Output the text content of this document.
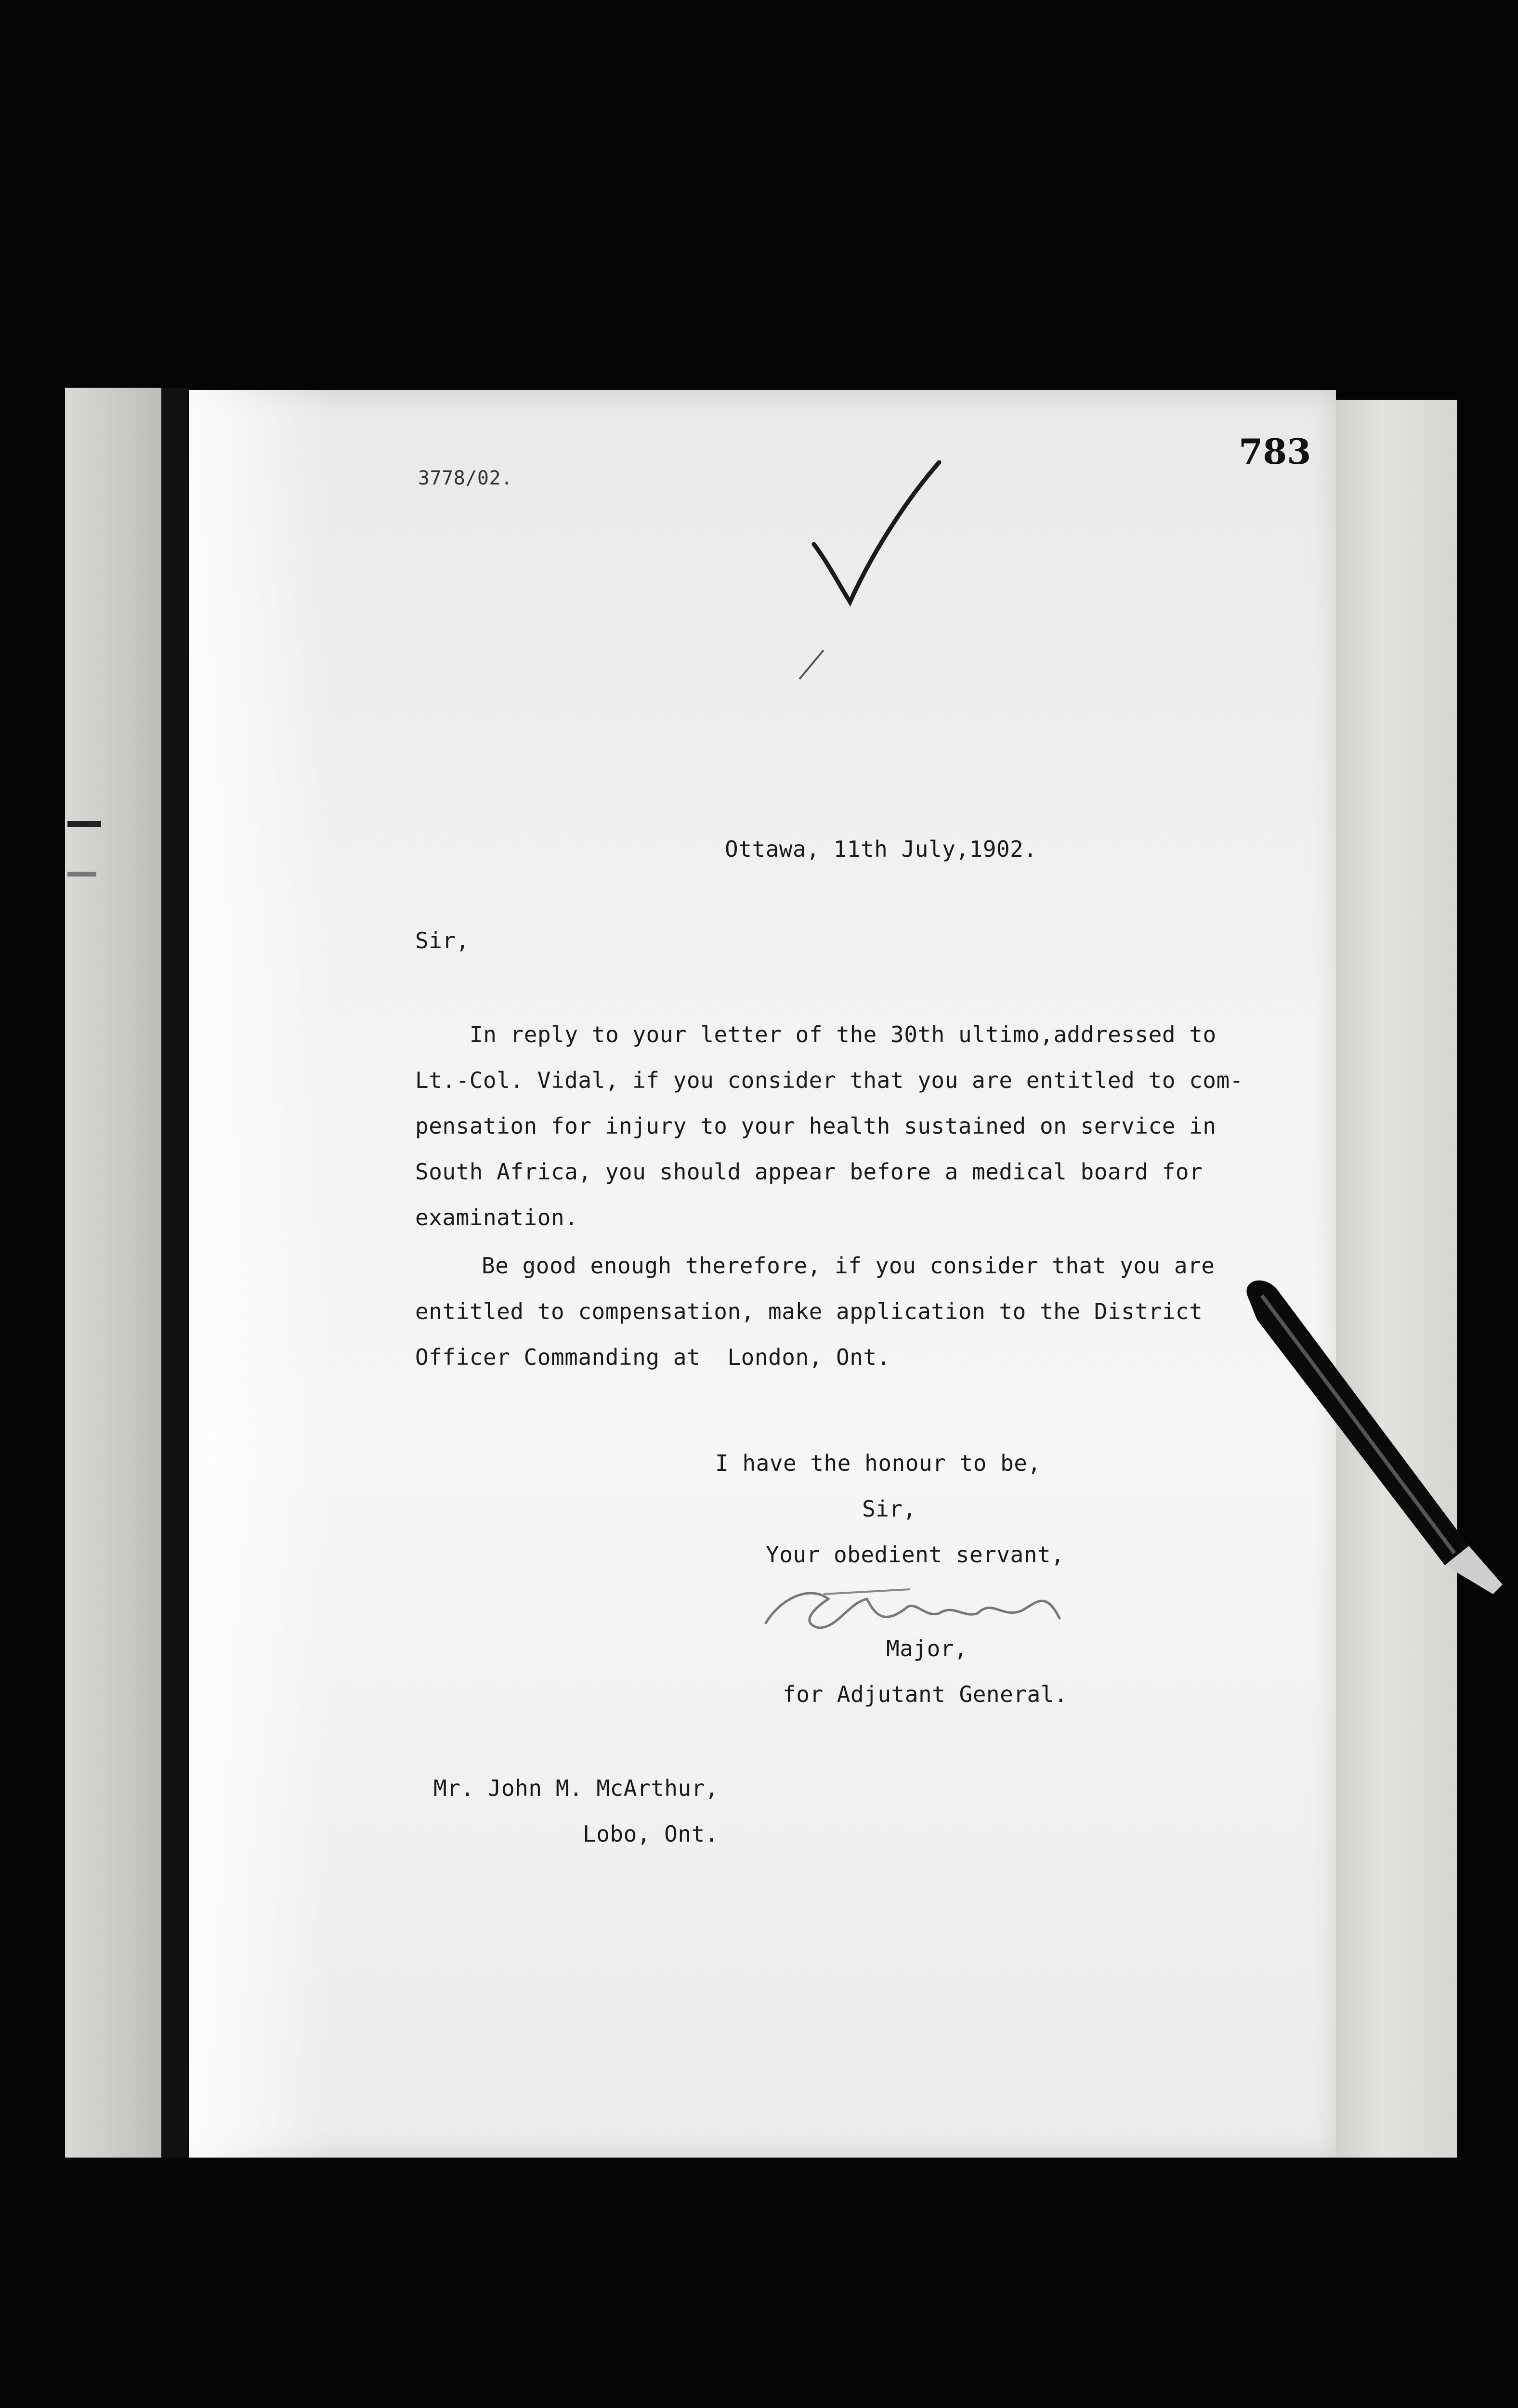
3778/02.
783
Ottawa, 11th July,1902.
Sir,
In reply to your letter of the 30th ultimo,addressed to
Lt.-Col. Vidal, if you consider that you are entitled to com-
pensation for injury to your health sustained on service in
South Africa, you should appear before a medical board for
examination.
Be good enough therefore, if you consider that you are
entitled to compensation, make application to the District
Officer Commanding at  London, Ont.
I have the honour to be,
Sir,
Your obedient servant,
Major,
for Adjutant General.
Mr. John M. McArthur,
Lobo, Ont.
